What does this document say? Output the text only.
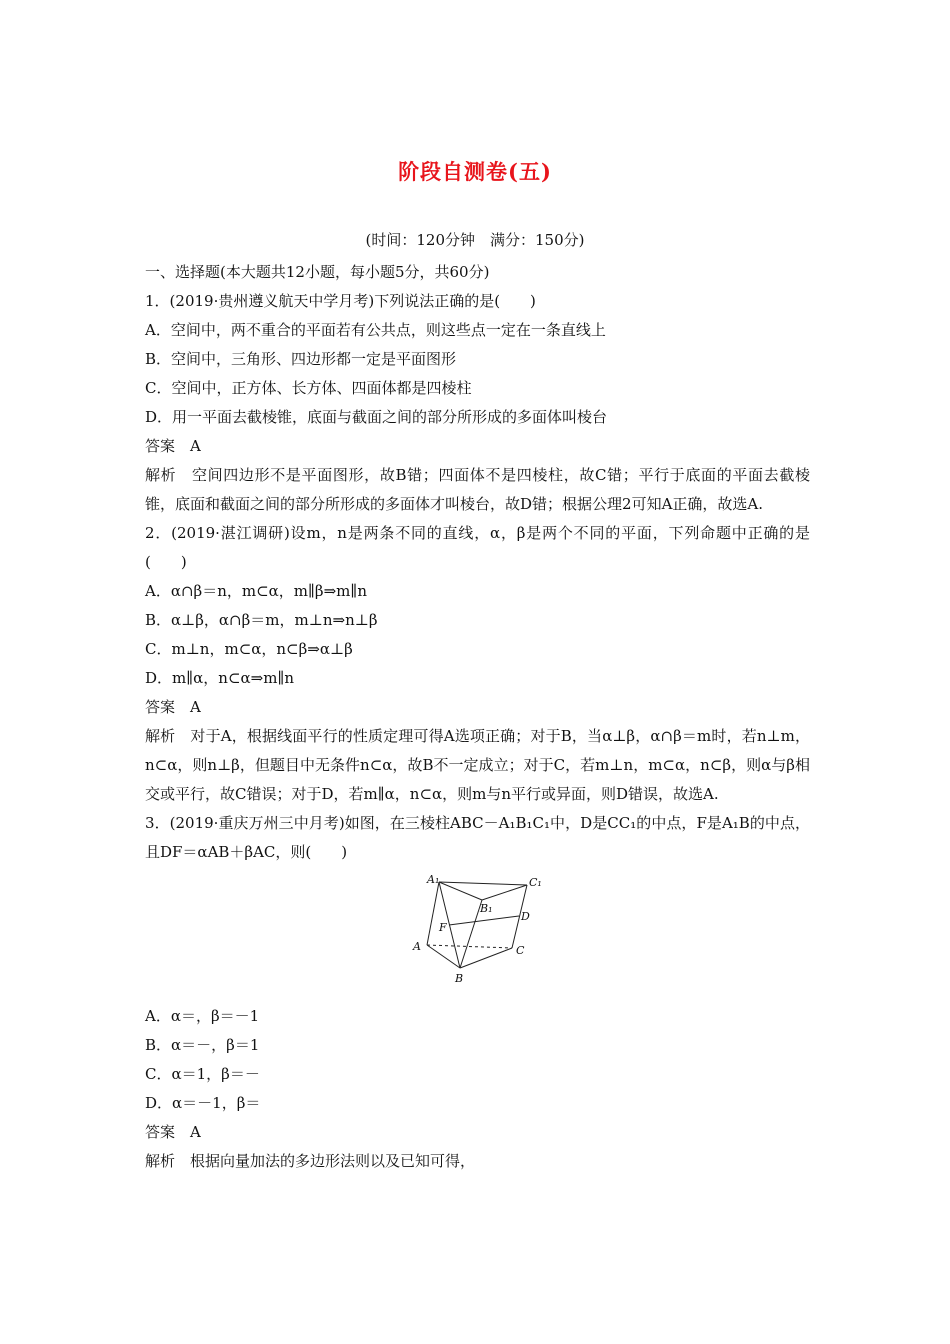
阶段自测卷(五)
(时间：120分钟　满分：150分)
一、选择题(本大题共12小题，每小题5分，共60分)
1．(2019·贵州遵义航天中学月考)下列说法正确的是(　　)
A．空间中，两不重合的平面若有公共点，则这些点一定在一条直线上
B．空间中，三角形、四边形都一定是平面图形
C．空间中，正方体、长方体、四面体都是四棱柱
D．用一平面去截棱锥，底面与截面之间的部分所形成的多面体叫棱台
答案　A
解析　空间四边形不是平面图形，故B错；四面体不是四棱柱，故C错；平行于底面的平面去截棱锥，底面和截面之间的部分所形成的多面体才叫棱台，故D错；根据公理2可知A正确，故选A.
2．(2019·湛江调研)设m，n是两条不同的直线，α，β是两个不同的平面，下列命题中正确的是(　　)
A．α∩β＝n，m⊂α，m∥β⇒m∥n
B．α⊥β，α∩β＝m，m⊥n⇒n⊥β
C．m⊥n，m⊂α，n⊂β⇒α⊥β
D．m∥α，n⊂α⇒m∥n
答案　A
解析　对于A，根据线面平行的性质定理可得A选项正确；对于B，当α⊥β，α∩β＝m时，若n⊥m，n⊂α，则n⊥β，但题目中无条件n⊂α，故B不一定成立；对于C，若m⊥n，m⊂α，n⊂β，则α与β相交或平行，故C错误；对于D，若m∥α，n⊂α，则m与n平行或异面，则D错误，故选A.
3．(2019·重庆万州三中月考)如图，在三棱柱ABC－A₁B₁C₁中，D是CC₁的中点，F是A₁B的中点，且DF＝αAB＋βAC，则(　　)
A₁
B₁
C₁
A
B
C
D
F
A．α＝，β＝－1
B．α＝－，β＝1
C．α＝1，β＝－
D．α＝－1，β＝
答案　A
解析　根据向量加法的多边形法则以及已知可得，
